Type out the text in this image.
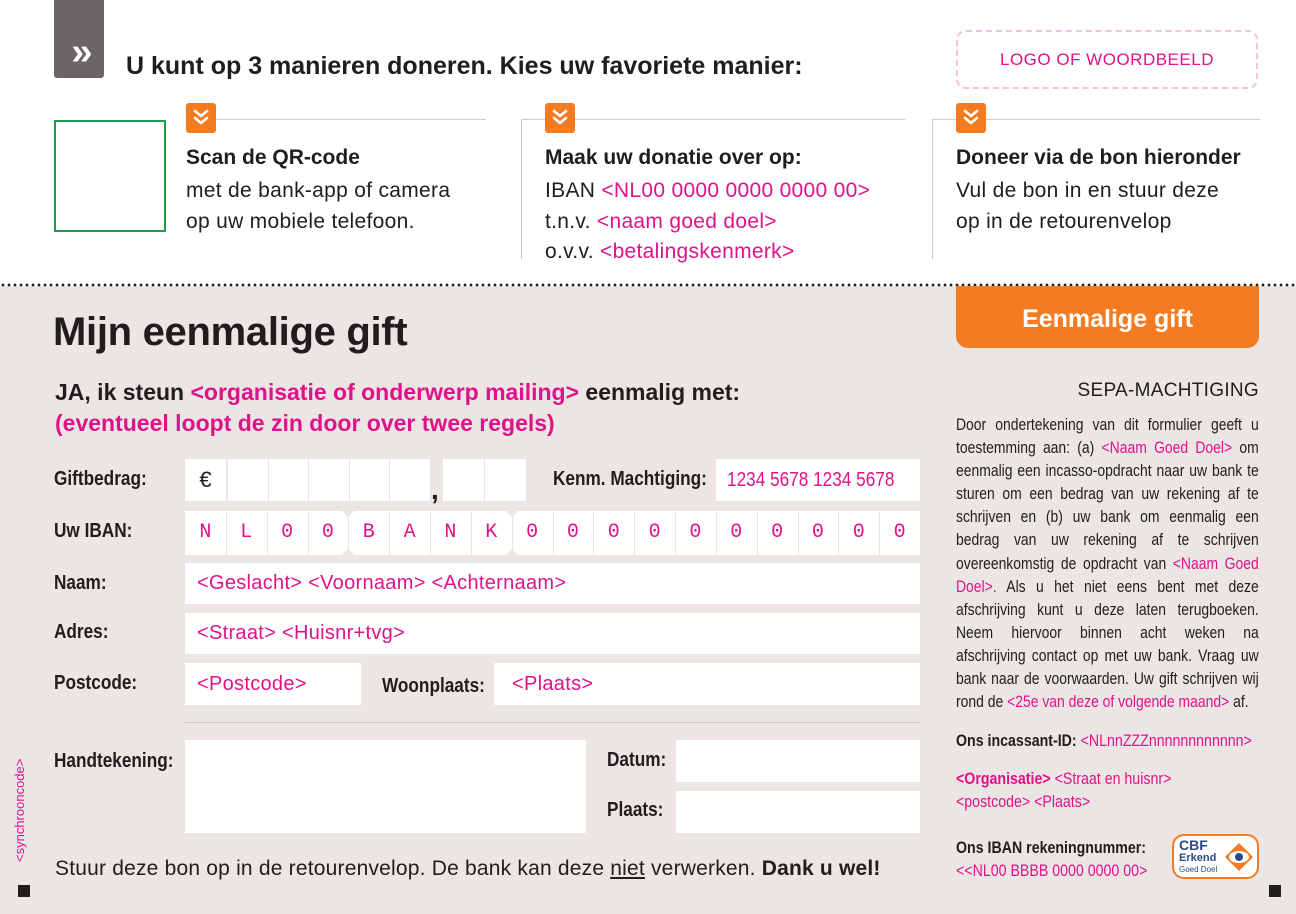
»	U kunt op 3 manieren doneren. Kies uw favoriete manier:	LOGO OF WOORDBEELD
Scan de QR-code
met de bank-app of camera
op uw mobiele telefoon.
Maak uw donatie over op:
IBAN <NL00 0000 0000 0000 00>
t.n.v. <naam goed doel>
o.v.v. <betalingskenmerk>
Doneer via de bon hieronder
Vul de bon in en stuur deze
op in de retourenvelop
Mijn eenmalige gift
JA, ik steun <organisatie of onderwerp mailing> eenmalig met:
(eventueel loopt de zin door over twee regels)
Giftbedrag:	€	,	Kenm. Machtiging: 1234 5678 1234 5678
Uw IBAN:	N	L	0	0	B	A	N	K	0	0	0	0	0	0	0	0	0	0
Naam:	<Geslacht> <Voornaam> <Achternaam>
Adres:	<Straat> <Huisnr+tvg>
Postcode:	<Postcode>	Woonplaats: <Plaats>
Handtekening:	Datum:
Plaats:
Stuur deze bon op in de retourenvelop. De bank kan deze niet verwerken. Dank u wel!
<synchrooncode>
Eenmalige gift
SEPA-MACHTIGING
Door ondertekening van dit formulier geeft u toestemming aan: (a) <Naam Goed Doel> om eenmalig een incasso-opdracht naar uw bank te sturen om een bedrag van uw rekening af te schrijven en (b) uw bank om eenmalig een bedrag van uw rekening af te schrijven overeenkomstig de opdracht van <Naam Goed Doel>. Als u het niet eens bent met deze afschrijving kunt u deze laten terugboeken. Neem hiervoor binnen acht weken na afschrijving contact op met uw bank. Vraag uw bank naar de voorwaarden. Uw gift schrijven wij rond de <25e van deze of volgende maand> af.
Ons incassant-ID: <NLnnZZZnnnnnnnnnnnn>
<Organisatie> <Straat en huisnr>
<postcode> <Plaats>
Ons IBAN rekeningnummer:
<<NL00 BBBB 0000 0000 00>
CBF
Erkend
Goed Doel
